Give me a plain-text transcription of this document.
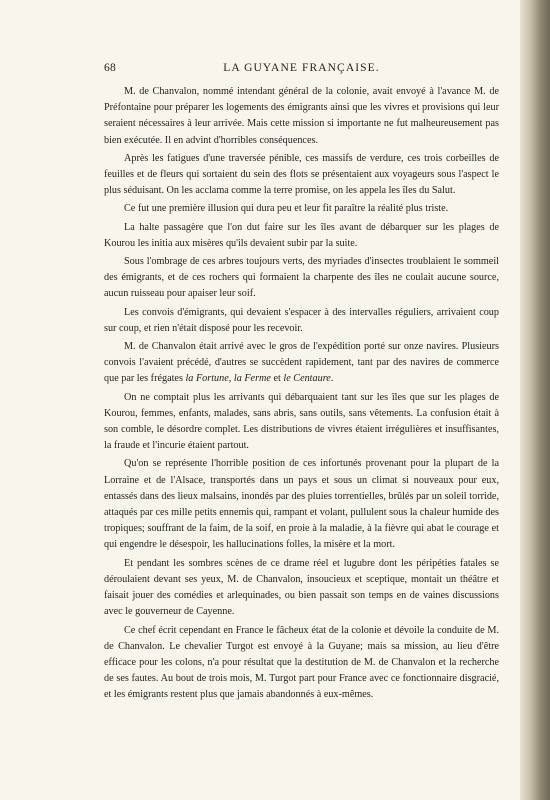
68	LA GUYANE FRANÇAISE.

M. de Chanvalon, nommé intendant général de la colonie, avait envoyé à l'avance M. de Préfontaine pour préparer les logements des émigrants ainsi que les vivres et provisions qui leur seraient nécessaires à leur arrivée. Mais cette mission si importante ne fut malheureusement pas bien exécutée. Il en advint d'horribles conséquences.

Après les fatigues d'une traversée pénible, ces massifs de verdure, ces trois corbeilles de feuilles et de fleurs qui sortaient du sein des flots se présentaient aux voyageurs sous l'aspect le plus séduisant. On les acclama comme la terre promise, on les appela les îles du Salut.

Ce fut une première illusion qui dura peu et leur fit paraître la réalité plus triste.

La halte passagère que l'on dut faire sur les îles avant de débarquer sur les plages de Kourou les initia aux misères qu'ils devaient subir par la suite.

Sous l'ombrage de ces arbres toujours verts, des myriades d'insectes troublaient le sommeil des émigrants, et de ces rochers qui formaient la charpente des îles ne coulait aucune source, aucun ruisseau pour apaiser leur soif.

Les convois d'émigrants, qui devaient s'espacer à des intervalles réguliers, arrivaient coup sur coup, et rien n'était disposé pour les recevoir.

M. de Chanvalon était arrivé avec le gros de l'expédition porté sur onze navires. Plusieurs convois l'avaient précédé, d'autres se succèdent rapidement, tant par des navires de commerce que par les frégates la Fortune, la Ferme et le Centaure.

On ne comptait plus les arrivants qui débarquaient tant sur les îles que sur les plages de Kourou, femmes, enfants, malades, sans abris, sans outils, sans vêtements. La confusion était à son comble, le désordre complet. Les distributions de vivres étaient irrégulières et insuffisantes, la fraude et l'incurie étaient partout.

Qu'on se représente l'horrible position de ces infortunés provenant pour la plupart de la Lorraine et de l'Alsace, transportés dans un pays et sous un climat si nouveaux pour eux, entassés dans des lieux malsains, inondés par des pluies torrentielles, brûlés par un soleil torride, attaqués par ces mille petits ennemis qui, rampant et volant, pullulent sous la chaleur humide des tropiques; souffrant de la faim, de la soif, en proie à la maladie, à la fièvre qui abat le courage et qui engendre le désespoir, les hallucinations folles, la misère et la mort.

Et pendant les sombres scènes de ce drame réel et lugubre dont les péripéties fatales se déroulaient devant ses yeux, M. de Chanvalon, insoucieux et sceptique, montait un théâtre et faisait jouer des comédies et arlequinades, ou bien passait son temps en de vaines discussions avec le gouverneur de Cayenne.

Ce chef écrit cependant en France le fâcheux état de la colonie et dévoile la conduite de M. de Chanvalon. Le chevalier Turgot est envoyé à la Guyane; mais sa mission, au lieu d'être efficace pour les colons, n'a pour résultat que la destitution de M. de Chanvalon et la recherche de ses fautes. Au bout de trois mois, M. Turgot part pour France avec ce fonctionnaire disgracié, et les émigrants restent plus que jamais abandonnés à eux-mêmes.
